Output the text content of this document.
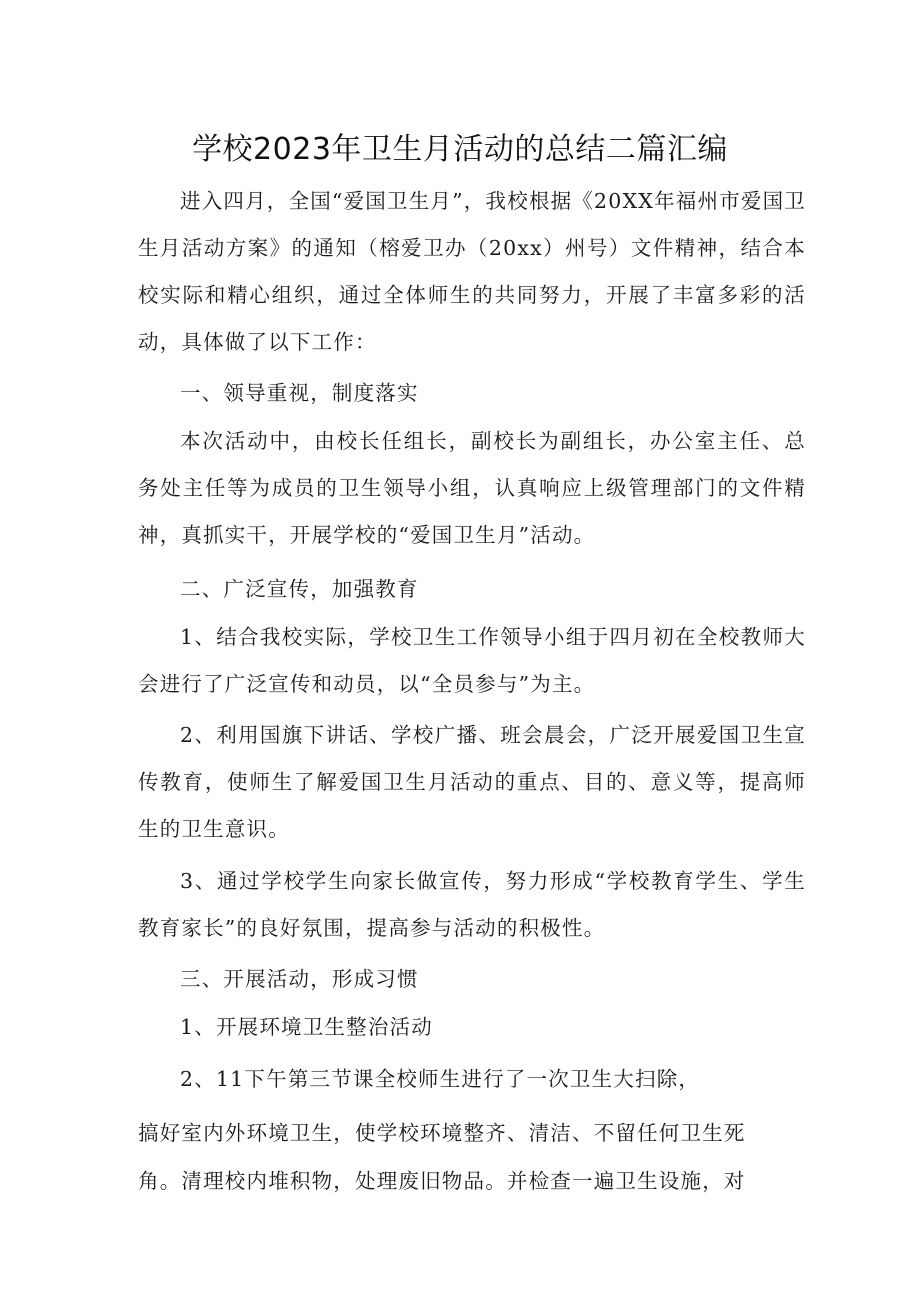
学校2023年卫生月活动的总结二篇汇编

进入四月，全国“爱国卫生月”，我校根据《20XX年福州市爱国卫生月活动方案》的通知（榕爱卫办（20xx）州号）文件精神，结合本校实际和精心组织，通过全体师生的共同努力，开展了丰富多彩的活动，具体做了以下工作：

一、领导重视，制度落实

本次活动中，由校长任组长，副校长为副组长，办公室主任、总务处主任等为成员的卫生领导小组，认真响应上级管理部门的文件精神，真抓实干，开展学校的“爱国卫生月”活动。

二、广泛宣传，加强教育

1、结合我校实际，学校卫生工作领导小组于四月初在全校教师大会进行了广泛宣传和动员，以“全员参与”为主。

2、利用国旗下讲话、学校广播、班会晨会，广泛开展爱国卫生宣传教育，使师生了解爱国卫生月活动的重点、目的、意义等，提高师生的卫生意识。

3、通过学校学生向家长做宣传，努力形成“学校教育学生、学生教育家长”的良好氛围，提高参与活动的积极性。

三、开展活动，形成习惯

1、开展环境卫生整治活动

2、11下午第三节课全校师生进行了一次卫生大扫除，

搞好室内外环境卫生，使学校环境整齐、清洁、不留任何卫生死

角。清理校内堆积物，处理废旧物品。并检查一遍卫生设施，对
